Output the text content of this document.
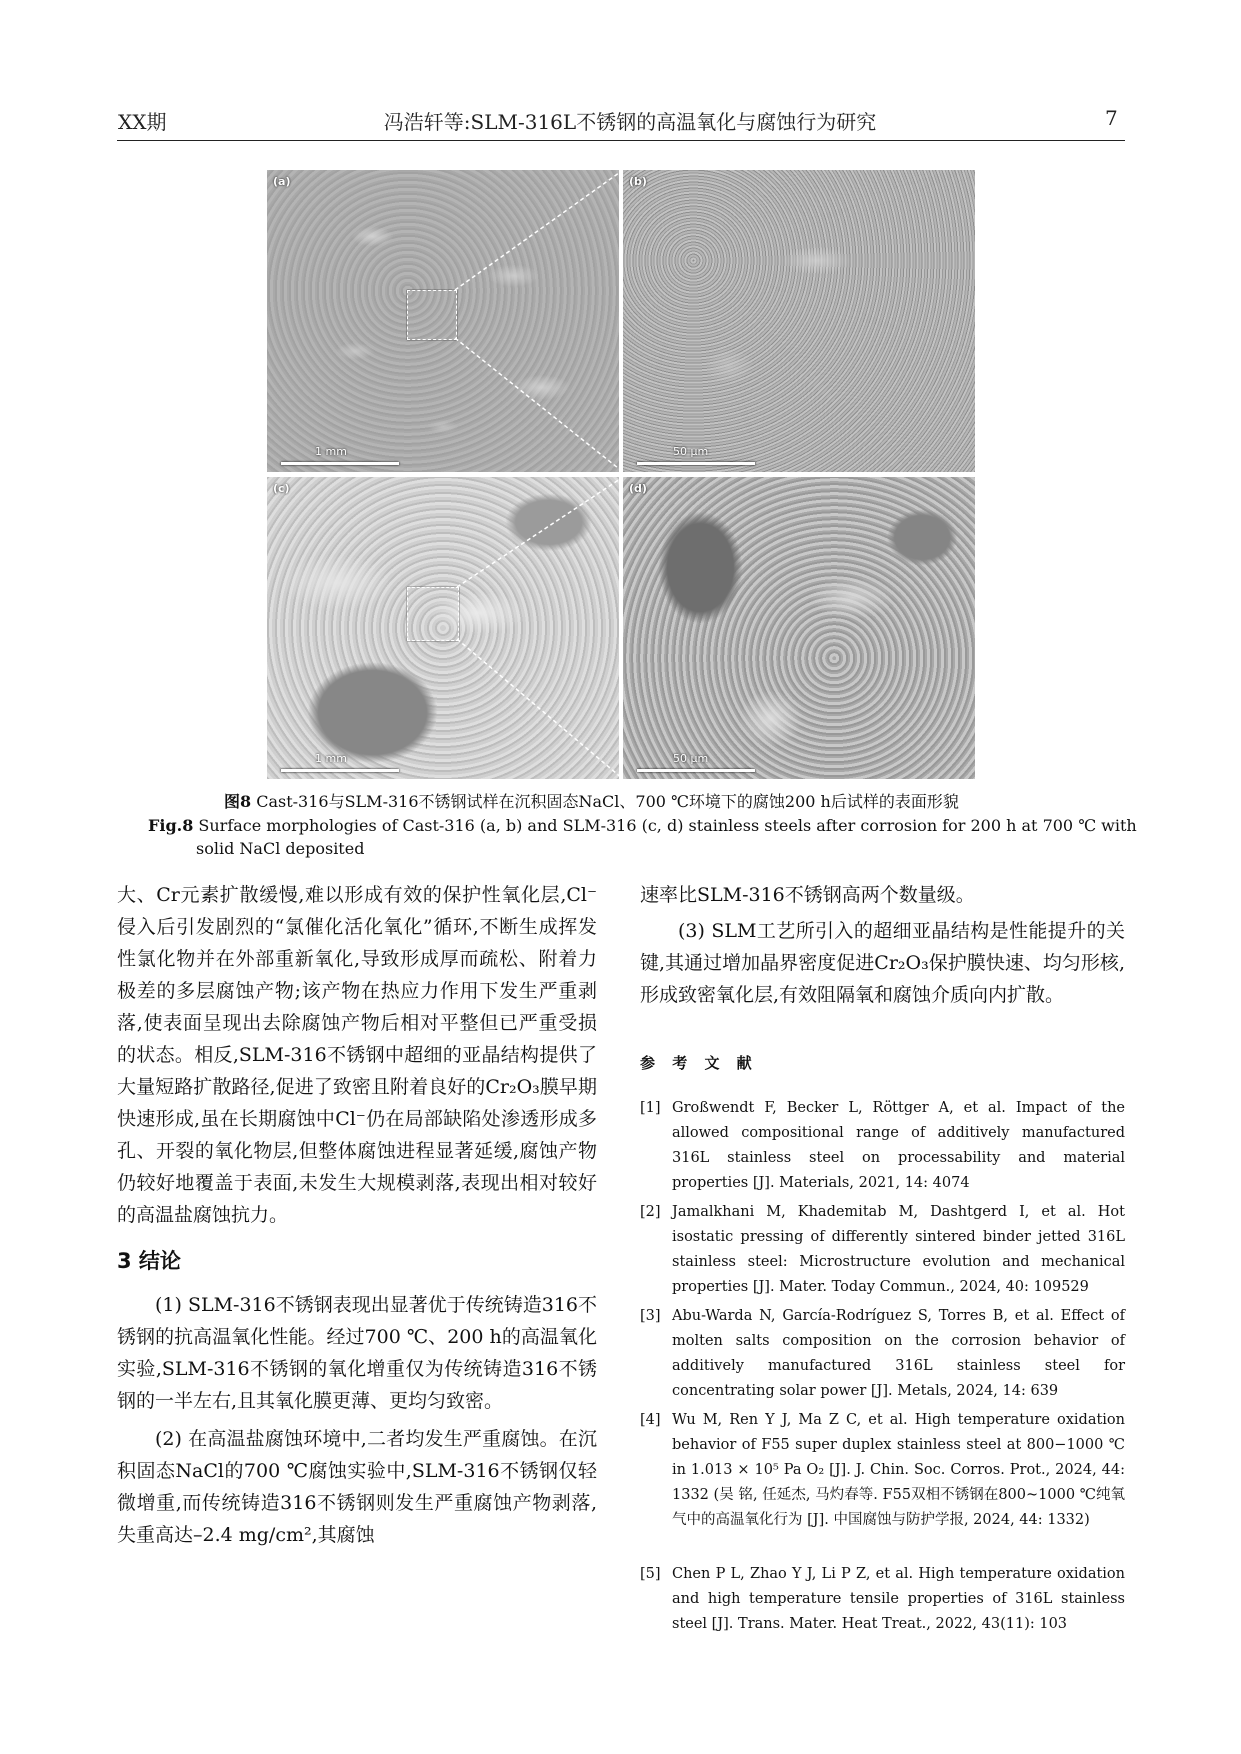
XX期	冯浩轩等:SLM-316L不锈钢的高温氧化与腐蚀行为研究	7
(a)
1 mm
(b)
50 μm
(c)
1 mm
(d)
50 μm
图8 Cast-316与SLM-316不锈钢试样在沉积固态NaCl、700 ℃环境下的腐蚀200 h后试样的表面形貌
Fig.8 Surface morphologies of Cast-316 (a, b) and SLM-316 (c, d) stainless steels after corrosion for 200 h at 700 ℃ with
solid NaCl deposited

大、Cr元素扩散缓慢,难以形成有效的保护性氧化层,Cl⁻侵入后引发剧烈的“氯催化活化氧化”循环,不断生成挥发性氯化物并在外部重新氧化,导致形成厚而疏松、附着力极差的多层腐蚀产物;该产物在热应力作用下发生严重剥落,使表面呈现出去除腐蚀产物后相对平整但已严重受损的状态。相反,SLM-316不锈钢中超细的亚晶结构提供了大量短路扩散路径,促进了致密且附着良好的Cr₂O₃膜早期快速形成,虽在长期腐蚀中Cl⁻仍在局部缺陷处渗透形成多孔、开裂的氧化物层,但整体腐蚀进程显著延缓,腐蚀产物仍较好地覆盖于表面,未发生大规模剥落,表现出相对较好的高温盐腐蚀抗力。

3 结论

(1) SLM-316不锈钢表现出显著优于传统铸造316不锈钢的抗高温氧化性能。经过700 ℃、200 h的高温氧化实验,SLM-316不锈钢的氧化增重仅为传统铸造316不锈钢的一半左右,且其氧化膜更薄、更均匀致密。

(2) 在高温盐腐蚀环境中,二者均发生严重腐蚀。在沉积固态NaCl的700 ℃腐蚀实验中,SLM-316不锈钢仅轻微增重,而传统铸造316不锈钢则发生严重腐蚀产物剥落,失重高达–2.4 mg/cm²,其腐蚀

速率比SLM-316不锈钢高两个数量级。

(3) SLM工艺所引入的超细亚晶结构是性能提升的关键,其通过增加晶界密度促进Cr₂O₃保护膜快速、均匀形核,形成致密氧化层,有效阻隔氧和腐蚀介质向内扩散。

参 考 文 献
[1] Großwendt F, Becker L, Röttger A, et al. Impact of the allowed compositional range of additively manufactured 316L stainless steel on processability and material properties [J]. Materials, 2021, 14: 4074
[2] Jamalkhani M, Khademitab M, Dashtgerd I, et al. Hot isostatic pressing of differently sintered binder jetted 316L stainless steel: Microstructure evolution and mechanical properties [J]. Mater. Today Commun., 2024, 40: 109529
[3] Abu-Warda N, García-Rodríguez S, Torres B, et al. Effect of molten salts composition on the corrosion behavior of additively manufactured 316L stainless steel for concentrating solar power [J]. Metals, 2024, 14: 639
[4] Wu M, Ren Y J, Ma Z C, et al. High temperature oxidation behavior of F55 super duplex stainless steel at 800−1000 ℃ in 1.013 × 10⁵ Pa O₂ [J]. J. Chin. Soc. Corros. Prot., 2024, 44: 1332 (吴 铭, 任延杰, 马灼春等. F55双相不锈钢在800~1000 ℃纯氧气中的高温氧化行为 [J]. 中国腐蚀与防护学报, 2024, 44: 1332)
[5] Chen P L, Zhao Y J, Li P Z, et al. High temperature oxidation and high temperature tensile properties of 316L stainless steel [J]. Trans. Mater. Heat Treat., 2022, 43(11): 103
